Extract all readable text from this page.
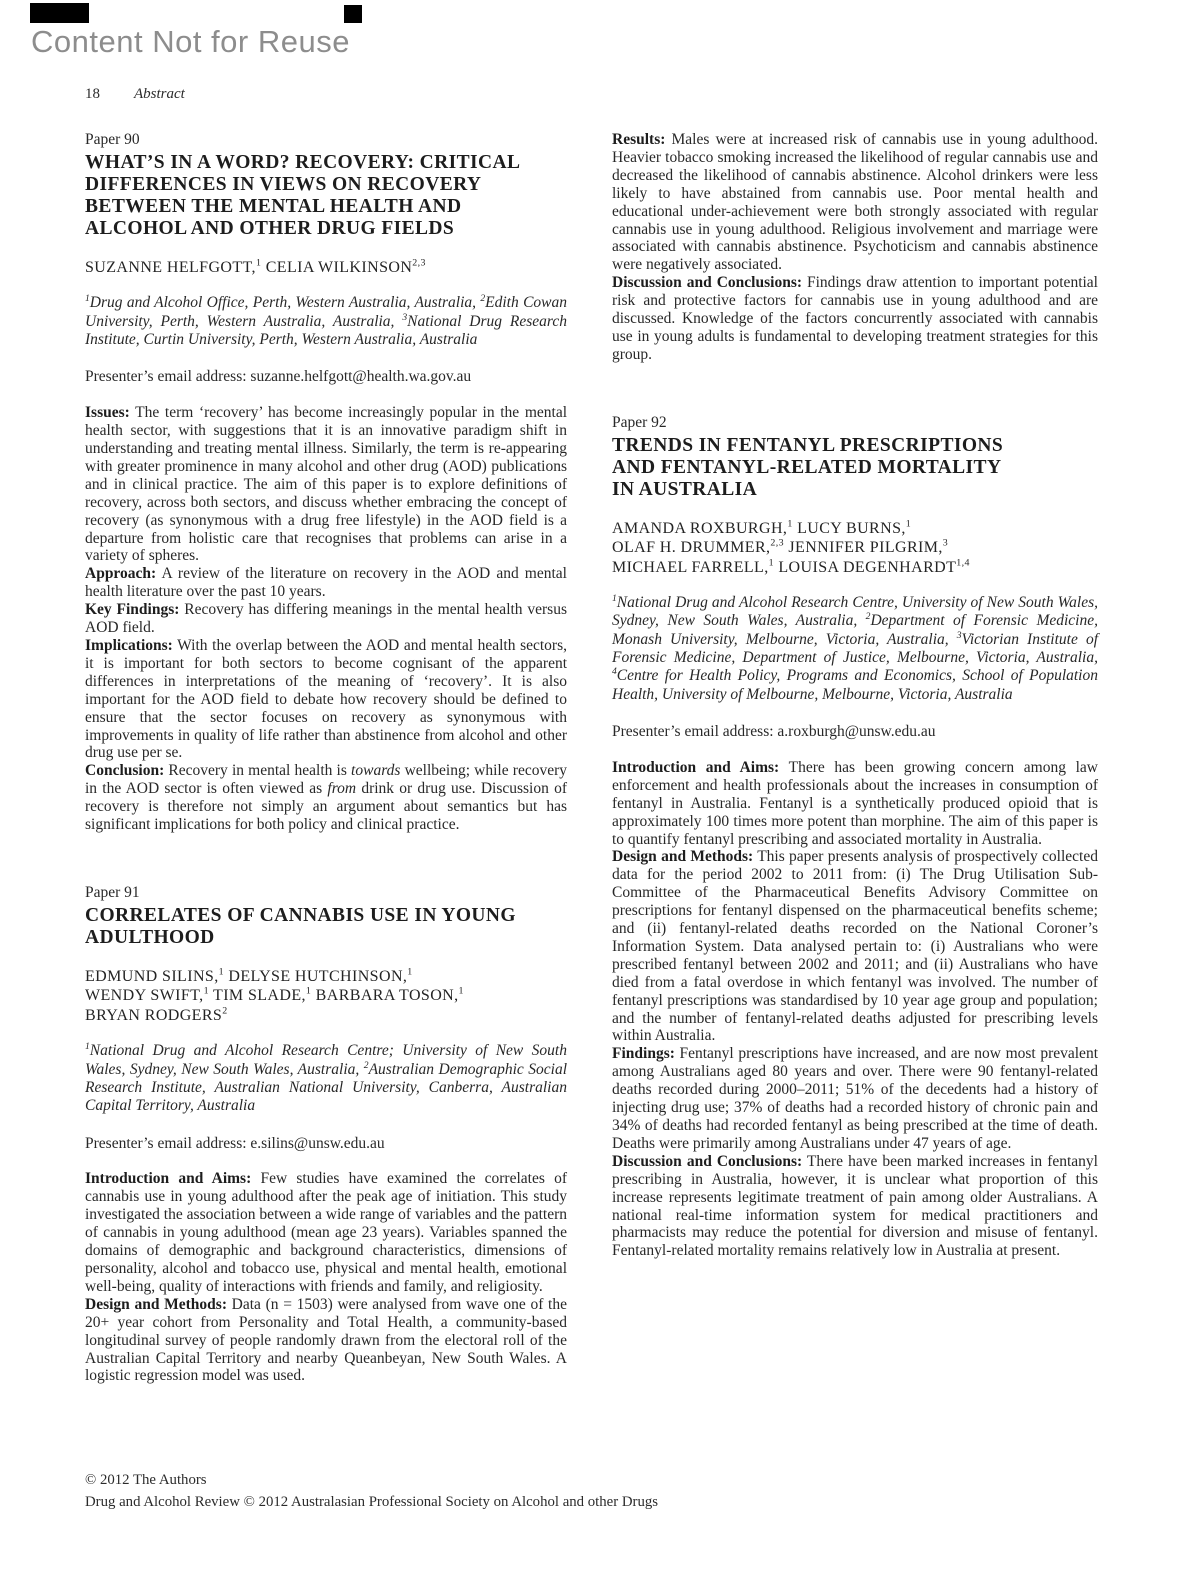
Content Not for Reuse
18 Abstract
Paper 90
WHAT’S IN A WORD? RECOVERY: CRITICAL
DIFFERENCES IN VIEWS ON RECOVERY
BETWEEN THE MENTAL HEALTH AND
ALCOHOL AND OTHER DRUG FIELDS
SUZANNE HELFGOTT,$^1$ CELIA WILKINSON$^{2,3}$
$^1$Drug and Alcohol Office, Perth, Western Australia, Australia, $^2$Edith Cowan University, Perth, Western Australia, Australia, $^3$National Drug Research Institute, Curtin University, Perth, Western Australia, Australia
Presenter’s email address: suzanne.helfgott@health.wa.gov.au

Issues: The term ‘recovery’ has become increasingly popular in the mental health sector, with suggestions that it is an innovative paradigm shift in understanding and treating mental illness. Similarly, the term is re-appearing with greater prominence in many alcohol and other drug (AOD) publications and in clinical practice. The aim of this paper is to explore definitions of recovery, across both sectors, and discuss whether embracing the concept of recovery (as synonymous with a drug free lifestyle) in the AOD field is a departure from holistic care that recognises that problems can arise in a variety of spheres.

Approach: A review of the literature on recovery in the AOD and mental health literature over the past 10 years.

Key Findings: Recovery has differing meanings in the mental health versus AOD field.

Implications: With the overlap between the AOD and mental health sectors, it is important for both sectors to become cognisant of the apparent differences in interpretations of the meaning of ‘recovery’. It is also important for the AOD field to debate how recovery should be defined to ensure that the sector focuses on recovery as synonymous with improvements in quality of life rather than abstinence from alcohol and other drug use per se.

Conclusion: Recovery in mental health is towards wellbeing; while recovery in the AOD sector is often viewed as from drink or drug use. Discussion of recovery is therefore not simply an argument about semantics but has significant implications for both policy and clinical practice.

Paper 91
CORRELATES OF CANNABIS USE IN YOUNG
ADULTHOOD
EDMUND SILINS,$^1$ DELYSE HUTCHINSON,$^1$
WENDY SWIFT,$^1$ TIM SLADE,$^1$ BARBARA TOSON,$^1$
BRYAN RODGERS$^2$
$^1$National Drug and Alcohol Research Centre; University of New South Wales, Sydney, New South Wales, Australia, $^2$Australian Demographic Social Research Institute, Australian National University, Canberra, Australian Capital Territory, Australia
Presenter’s email address: e.silins@unsw.edu.au

Introduction and Aims: Few studies have examined the correlates of cannabis use in young adulthood after the peak age of initiation. This study investigated the association between a wide range of variables and the pattern of cannabis in young adulthood (mean age 23 years). Variables spanned the domains of demographic and background characteristics, dimensions of personality, alcohol and tobacco use, physical and mental health, emotional well-being, quality of interactions with friends and family, and religiosity.

Design and Methods: Data (n = 1503) were analysed from wave one of the 20+ year cohort from Personality and Total Health, a community-based longitudinal survey of people randomly drawn from the electoral roll of the Australian Capital Territory and nearby Queanbeyan, New South Wales. A logistic regression model was used.

Results: Males were at increased risk of cannabis use in young adulthood. Heavier tobacco smoking increased the likelihood of regular cannabis use and decreased the likelihood of cannabis abstinence. Alcohol drinkers were less likely to have abstained from cannabis use. Poor mental health and educational under-achievement were both strongly associated with regular cannabis use in young adulthood. Religious involvement and marriage were associated with cannabis abstinence. Psychoticism and cannabis abstinence were negatively associated.

Discussion and Conclusions: Findings draw attention to important potential risk and protective factors for cannabis use in young adulthood and are discussed. Knowledge of the factors concurrently associated with cannabis use in young adults is fundamental to developing treatment strategies for this group.

Paper 92
TRENDS IN FENTANYL PRESCRIPTIONS
AND FENTANYL-RELATED MORTALITY
IN AUSTRALIA
AMANDA ROXBURGH,$^1$ LUCY BURNS,$^1$
OLAF H. DRUMMER,$^{2,3}$ JENNIFER PILGRIM,$^3$
MICHAEL FARRELL,$^1$ LOUISA DEGENHARDT$^{1,4}$
$^1$National Drug and Alcohol Research Centre, University of New South Wales, Sydney, New South Wales, Australia, $^2$Department of Forensic Medicine, Monash University, Melbourne, Victoria, Australia, $^3$Victorian Institute of Forensic Medicine, Department of Justice, Melbourne, Victoria, Australia, $^4$Centre for Health Policy, Programs and Economics, School of Population Health, University of Melbourne, Melbourne, Victoria, Australia
Presenter’s email address: a.roxburgh@unsw.edu.au

Introduction and Aims: There has been growing concern among law enforcement and health professionals about the increases in consumption of fentanyl in Australia. Fentanyl is a synthetically produced opioid that is approximately 100 times more potent than morphine. The aim of this paper is to quantify fentanyl prescribing and associated mortality in Australia.

Design and Methods: This paper presents analysis of prospectively collected data for the period 2002 to 2011 from: (i) The Drug Utilisation Sub-Committee of the Pharmaceutical Benefits Advisory Committee on prescriptions for fentanyl dispensed on the pharmaceutical benefits scheme; and (ii) fentanyl-related deaths recorded on the National Coroner’s Information System. Data analysed pertain to: (i) Australians who were prescribed fentanyl between 2002 and 2011; and (ii) Australians who have died from a fatal overdose in which fentanyl was involved. The number of fentanyl prescriptions was standardised by 10 year age group and population; and the number of fentanyl-related deaths adjusted for prescribing levels within Australia.

Findings: Fentanyl prescriptions have increased, and are now most prevalent among Australians aged 80 years and over. There were 90 fentanyl-related deaths recorded during 2000–2011; 51% of the decedents had a history of injecting drug use; 37% of deaths had a recorded history of chronic pain and 34% of deaths had recorded fentanyl as being prescribed at the time of death. Deaths were primarily among Australians under 47 years of age.

Discussion and Conclusions: There have been marked increases in fentanyl prescribing in Australia, however, it is unclear what proportion of this increase represents legitimate treatment of pain among older Australians. A national real-time information system for medical practitioners and pharmacists may reduce the potential for diversion and misuse of fentanyl. Fentanyl-related mortality remains relatively low in Australia at present.

© 2012 The Authors
Drug and Alcohol Review © 2012 Australasian Professional Society on Alcohol and other Drugs
